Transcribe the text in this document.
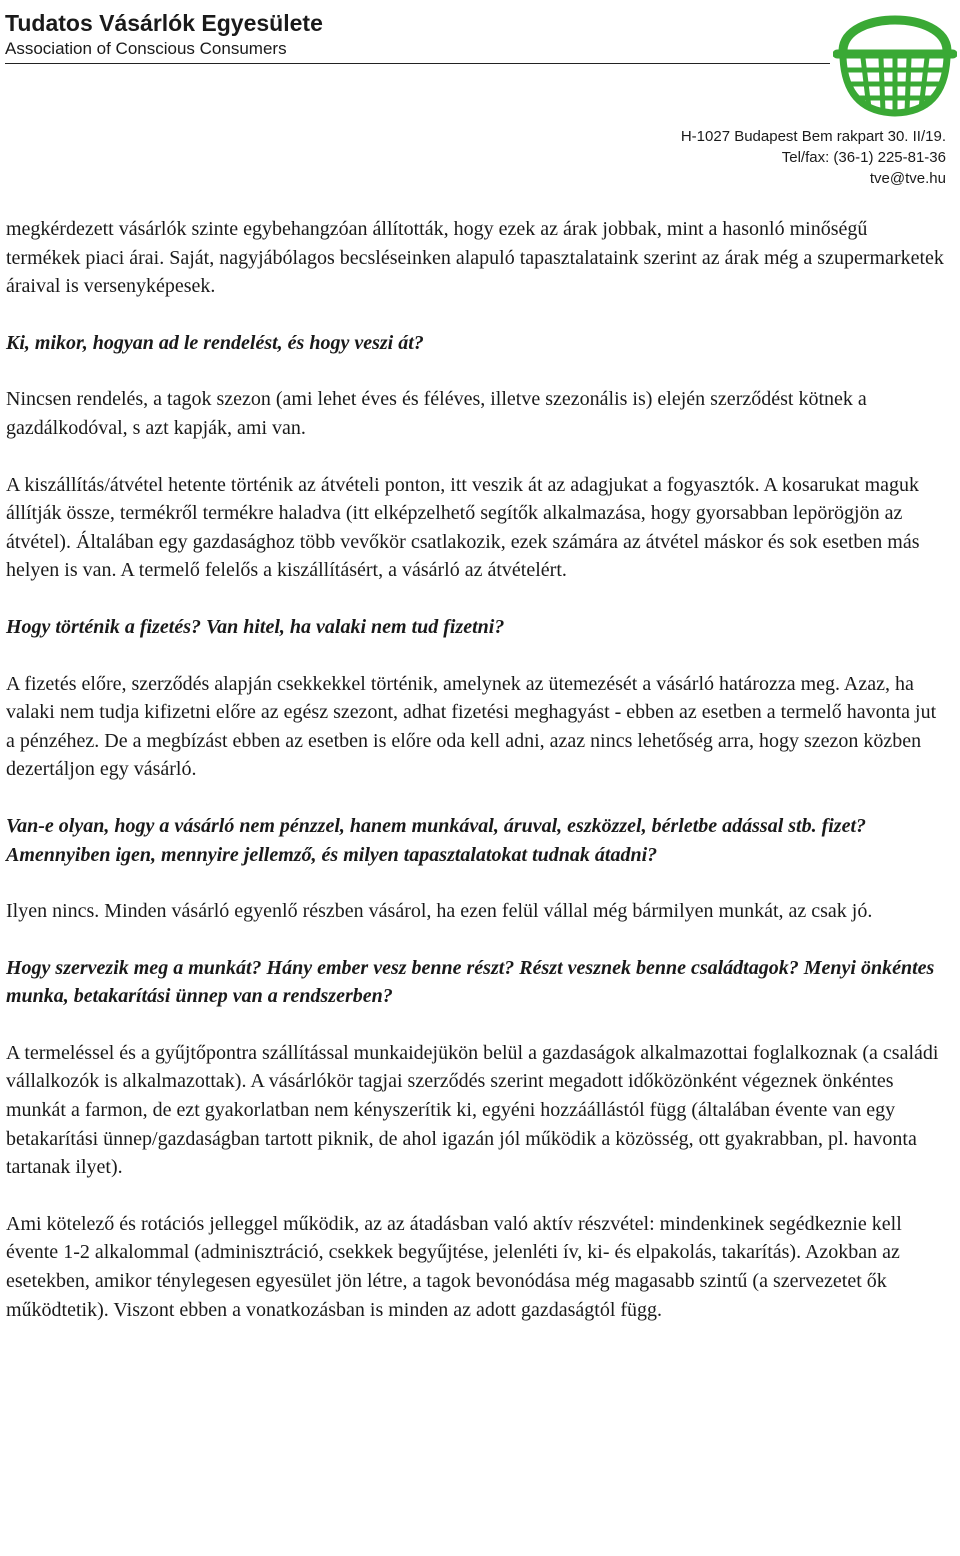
Tudatos Vásárlók Egyesülete
Association of Conscious Consumers
H-1027 Budapest Bem rakpart 30. II/19.
Tel/fax: (36-1) 225-81-36
tve@tve.hu

megkérdezett vásárlók szinte egybehangzóan állították, hogy ezek az árak jobbak, mint a hasonló minőségű termékek piaci árai. Saját, nagyjábólagos becsléseinken alapuló tapasztalataink szerint az árak még a szupermarketek áraival is versenyképesek.

Ki, mikor, hogyan ad le rendelést, és hogy veszi át?

Nincsen rendelés, a tagok szezon (ami lehet éves és féléves, illetve szezonális is) elején szerződést kötnek a gazdálkodóval, s azt kapják, ami van.

A kiszállítás/átvétel hetente történik az átvételi ponton, itt veszik át az adagjukat a fogyasztók. A kosarukat maguk állítják össze, termékről termékre haladva (itt elképzelhető segítők alkalmazása, hogy gyorsabban lepörögjön az átvétel). Általában egy gazdasághoz több vevőkör csatlakozik, ezek számára az átvétel máskor és sok esetben más helyen is van. A termelő felelős a kiszállításért, a vásárló az átvételért.

Hogy történik a fizetés? Van hitel, ha valaki nem tud fizetni?

A fizetés előre, szerződés alapján csekkekkel történik, amelynek az ütemezését a vásárló határozza meg. Azaz, ha valaki nem tudja kifizetni előre az egész szezont, adhat fizetési meghagyást - ebben az esetben a termelő havonta jut a pénzéhez. De a megbízást ebben az esetben is előre oda kell adni, azaz nincs lehetőség arra, hogy szezon közben dezertáljon egy vásárló.

Van-e olyan, hogy a vásárló nem pénzzel, hanem munkával, áruval, eszközzel, bérletbe adással stb. fizet? Amennyiben igen, mennyire jellemző, és milyen tapasztalatokat tudnak átadni?

Ilyen nincs. Minden vásárló egyenlő részben vásárol, ha ezen felül vállal még bármilyen munkát, az csak jó.

Hogy szervezik meg a munkát? Hány ember vesz benne részt? Részt vesznek benne családtagok? Menyi önkéntes munka, betakarítási ünnep van a rendszerben?

A termeléssel és a gyűjtőpontra szállítással munkaidejükön belül a gazdaságok alkalmazottai foglalkoznak (a családi vállalkozók is alkalmazottak). A vásárlókör tagjai szerződés szerint megadott időközönként végeznek önkéntes munkát a farmon, de ezt gyakorlatban nem kényszerítik ki, egyéni hozzáállástól függ (általában évente van egy betakarítási ünnep/gazdaságban tartott piknik, de ahol igazán jól működik a közösség, ott gyakrabban, pl. havonta tartanak ilyet).

Ami kötelező és rotációs jelleggel működik, az az átadásban való aktív részvétel: mindenkinek segédkeznie kell évente 1-2 alkalommal (adminisztráció, csekkek begyűjtése, jelenléti ív, ki- és elpakolás, takarítás). Azokban az esetekben, amikor ténylegesen egyesület jön létre, a tagok bevonódása még magasabb szintű (a szervezetet ők működtetik). Viszont ebben a vonatkozásban is minden az adott gazdaságtól függ.
